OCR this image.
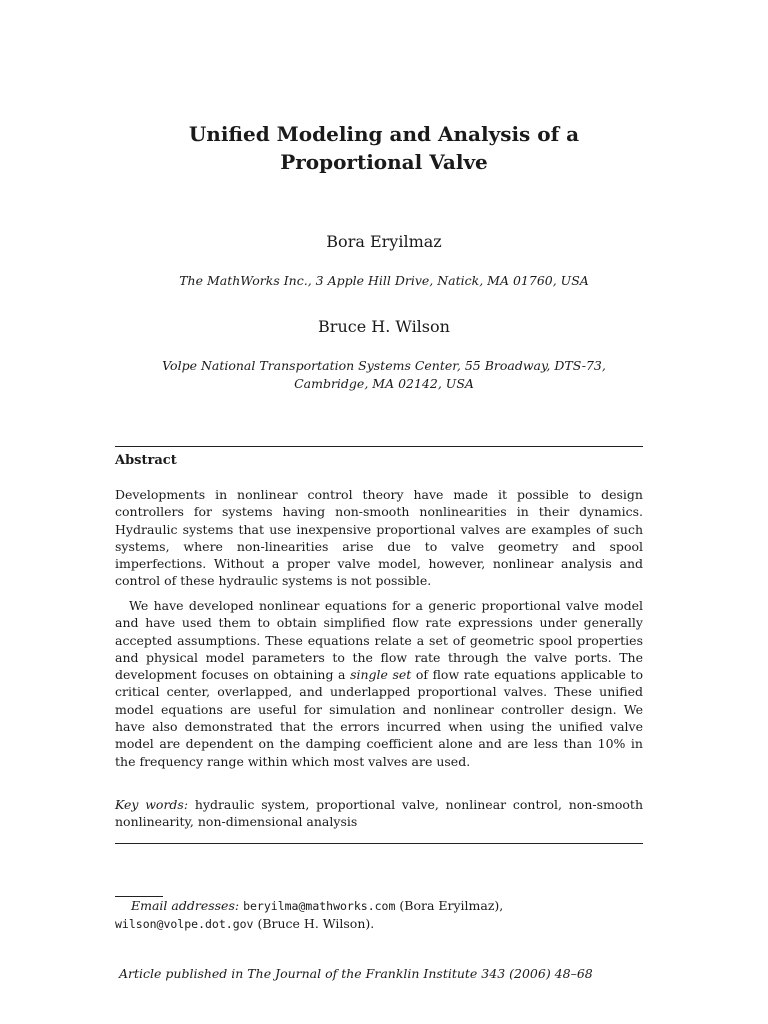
Unified Modeling and Analysis of a
Proportional Valve
Bora Eryilmaz
The MathWorks Inc., 3 Apple Hill Drive, Natick, MA 01760, USA
Bruce H. Wilson
Volpe National Transportation Systems Center, 55 Broadway, DTS-73,
Cambridge, MA 02142, USA
Abstract
Developments in nonlinear control theory have made it possible to design controllers for systems having non-smooth nonlinearities in their dynamics. Hydraulic systems that use inexpensive proportional valves are examples of such systems, where non-linearities arise due to valve geometry and spool imperfections. Without a proper valve model, however, nonlinear analysis and control of these hydraulic systems is not possible.
We have developed nonlinear equations for a generic proportional valve model and have used them to obtain simplified flow rate expressions under generally accepted assumptions. These equations relate a set of geometric spool properties and physical model parameters to the flow rate through the valve ports. The development focuses on obtaining a single set of flow rate equations applicable to critical center, overlapped, and underlapped proportional valves. These unified model equations are useful for simulation and nonlinear controller design. We have also demonstrated that the errors incurred when using the unified valve model are dependent on the damping coefficient alone and are less than 10% in the frequency range within which most valves are used.
Key words: hydraulic system, proportional valve, nonlinear control, non-smooth nonlinearity, non-dimensional analysis
Email addresses: beryilma@mathworks.com (Bora Eryilmaz),
wilson@volpe.dot.gov (Bruce H. Wilson).
Article published in The Journal of the Franklin Institute 343 (2006) 48–68
